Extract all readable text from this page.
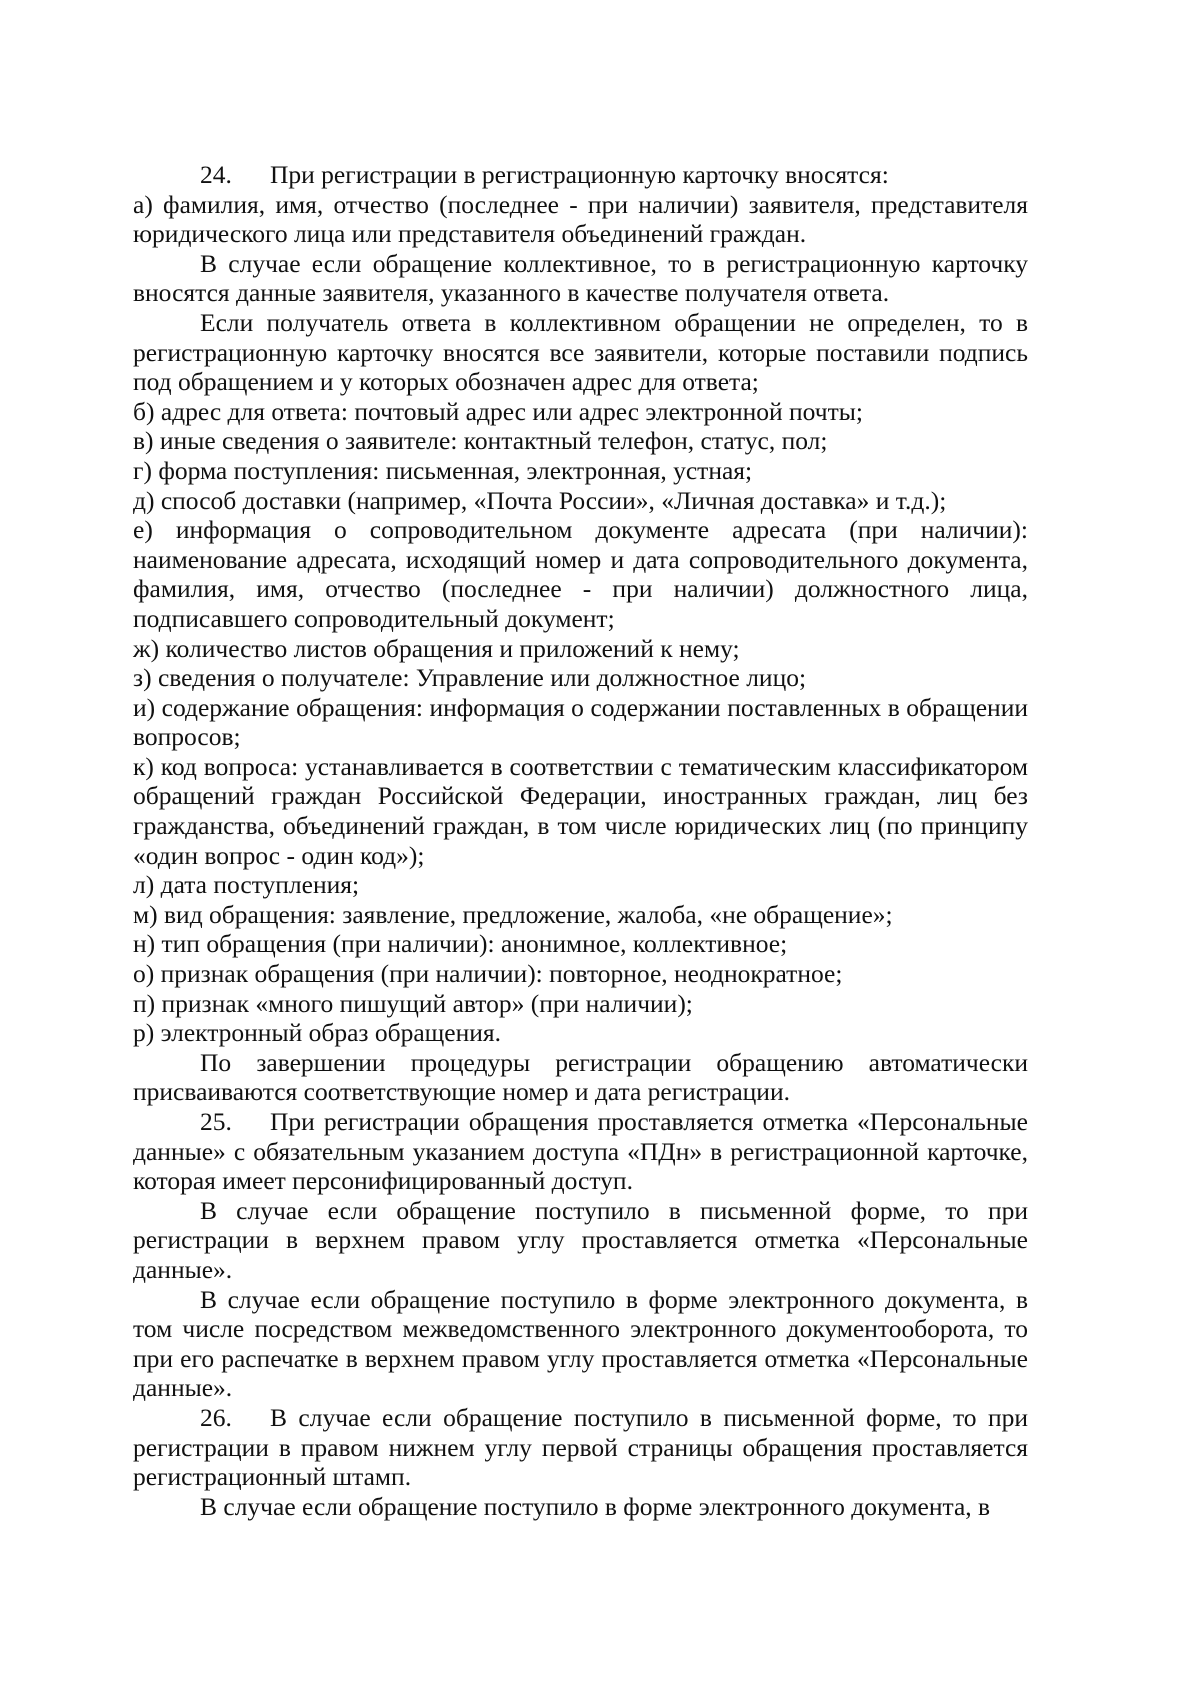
24. При регистрации в регистрационную карточку вносятся:

а) фамилия, имя, отчество (последнее - при наличии) заявителя, представителя юридического лица или представителя объединений граждан.

В случае если обращение коллективное, то в регистрационную карточку вносятся данные заявителя, указанного в качестве получателя ответа.

Если получатель ответа в коллективном обращении не определен, то в регистрационную карточку вносятся все заявители, которые поставили подпись под обращением и у которых обозначен адрес для ответа;

б) адрес для ответа: почтовый адрес или адрес электронной почты;

в) иные сведения о заявителе: контактный телефон, статус, пол;

г) форма поступления: письменная, электронная, устная;

д) способ доставки (например, «Почта России», «Личная доставка» и т.д.);

е) информация о сопроводительном документе адресата (при наличии): наименование адресата, исходящий номер и дата сопроводительного документа, фамилия, имя, отчество (последнее - при наличии) должностного лица, подписавшего сопроводительный документ;

ж) количество листов обращения и приложений к нему;

з) сведения о получателе: Управление или должностное лицо;

и) содержание обращения: информация о содержании поставленных в обращении вопросов;

к) код вопроса: устанавливается в соответствии с тематическим классификатором обращений граждан Российской Федерации, иностранных граждан, лиц без гражданства, объединений граждан, в том числе юридических лиц (по принципу «один вопрос - один код»);

л) дата поступления;

м) вид обращения: заявление, предложение, жалоба, «не обращение»;

н) тип обращения (при наличии): анонимное, коллективное;

о) признак обращения (при наличии): повторное, неоднократное;

п) признак «много пишущий автор» (при наличии);

р) электронный образ обращения.

По завершении процедуры регистрации обращению автоматически присваиваются соответствующие номер и дата регистрации.

25. При регистрации обращения проставляется отметка «Персональные данные» с обязательным указанием доступа «ПДн» в регистрационной карточке, которая имеет персонифицированный доступ.

В случае если обращение поступило в письменной форме, то при регистрации в верхнем правом углу проставляется отметка «Персональные данные».

В случае если обращение поступило в форме электронного документа, в том числе посредством межведомственного электронного документооборота, то при его распечатке в верхнем правом углу проставляется отметка «Персональные данные».

26. В случае если обращение поступило в письменной форме, то при регистрации в правом нижнем углу первой страницы обращения проставляется регистрационный штамп.

В случае если обращение поступило в форме электронного документа, в
